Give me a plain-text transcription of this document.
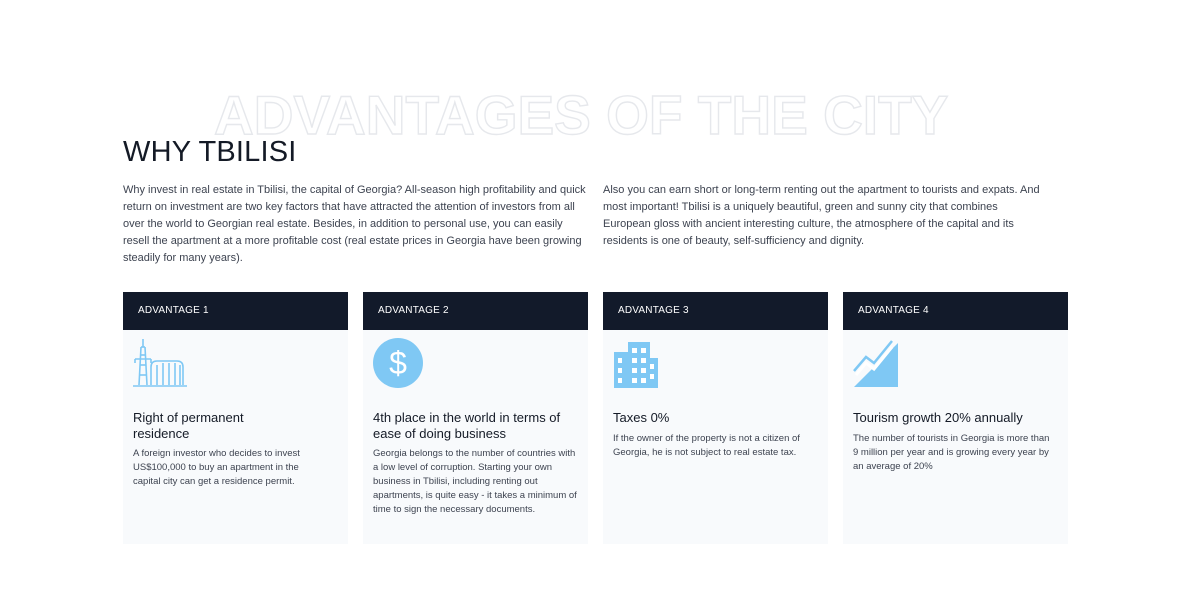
ADVANTAGES OF THE CITY
WHY TBILISI

Why invest in real estate in Tbilisi, the capital of Georgia? All-season high profitability and quick return on investment are two key factors that have attracted the attention of investors from all over the world to Georgian real estate. Besides, in addition to personal use, you can easily resell the apartment at a more profitable cost (real estate prices in Georgia have been growing steadily for many years).

Also you can earn short or long-term renting out the apartment to tourists and expats. And most important! Tbilisi is a uniquely beautiful, green and sunny city that combines European gloss with ancient interesting culture, the atmosphere of the capital and its residents is one of beauty, self-sufficiency and dignity.

ADVANTAGE 1

Right of permanent residence

A foreign investor who decides to invest US$100,000 to buy an apartment in the capital city can get a residence permit.

ADVANTAGE 2
$

4th place in the world in terms of ease of doing business

Georgia belongs to the number of countries with a low level of corruption. Starting your own business in Tbilisi, including renting out apartments, is quite easy - it takes a minimum of time to sign the necessary documents.

ADVANTAGE 3

Taxes 0%

If the owner of the property is not a citizen of Georgia, he is not subject to real estate tax.

ADVANTAGE 4

Tourism growth 20% annually

The number of tourists in Georgia is more than 9 million per year and is growing every year by an average of 20%
